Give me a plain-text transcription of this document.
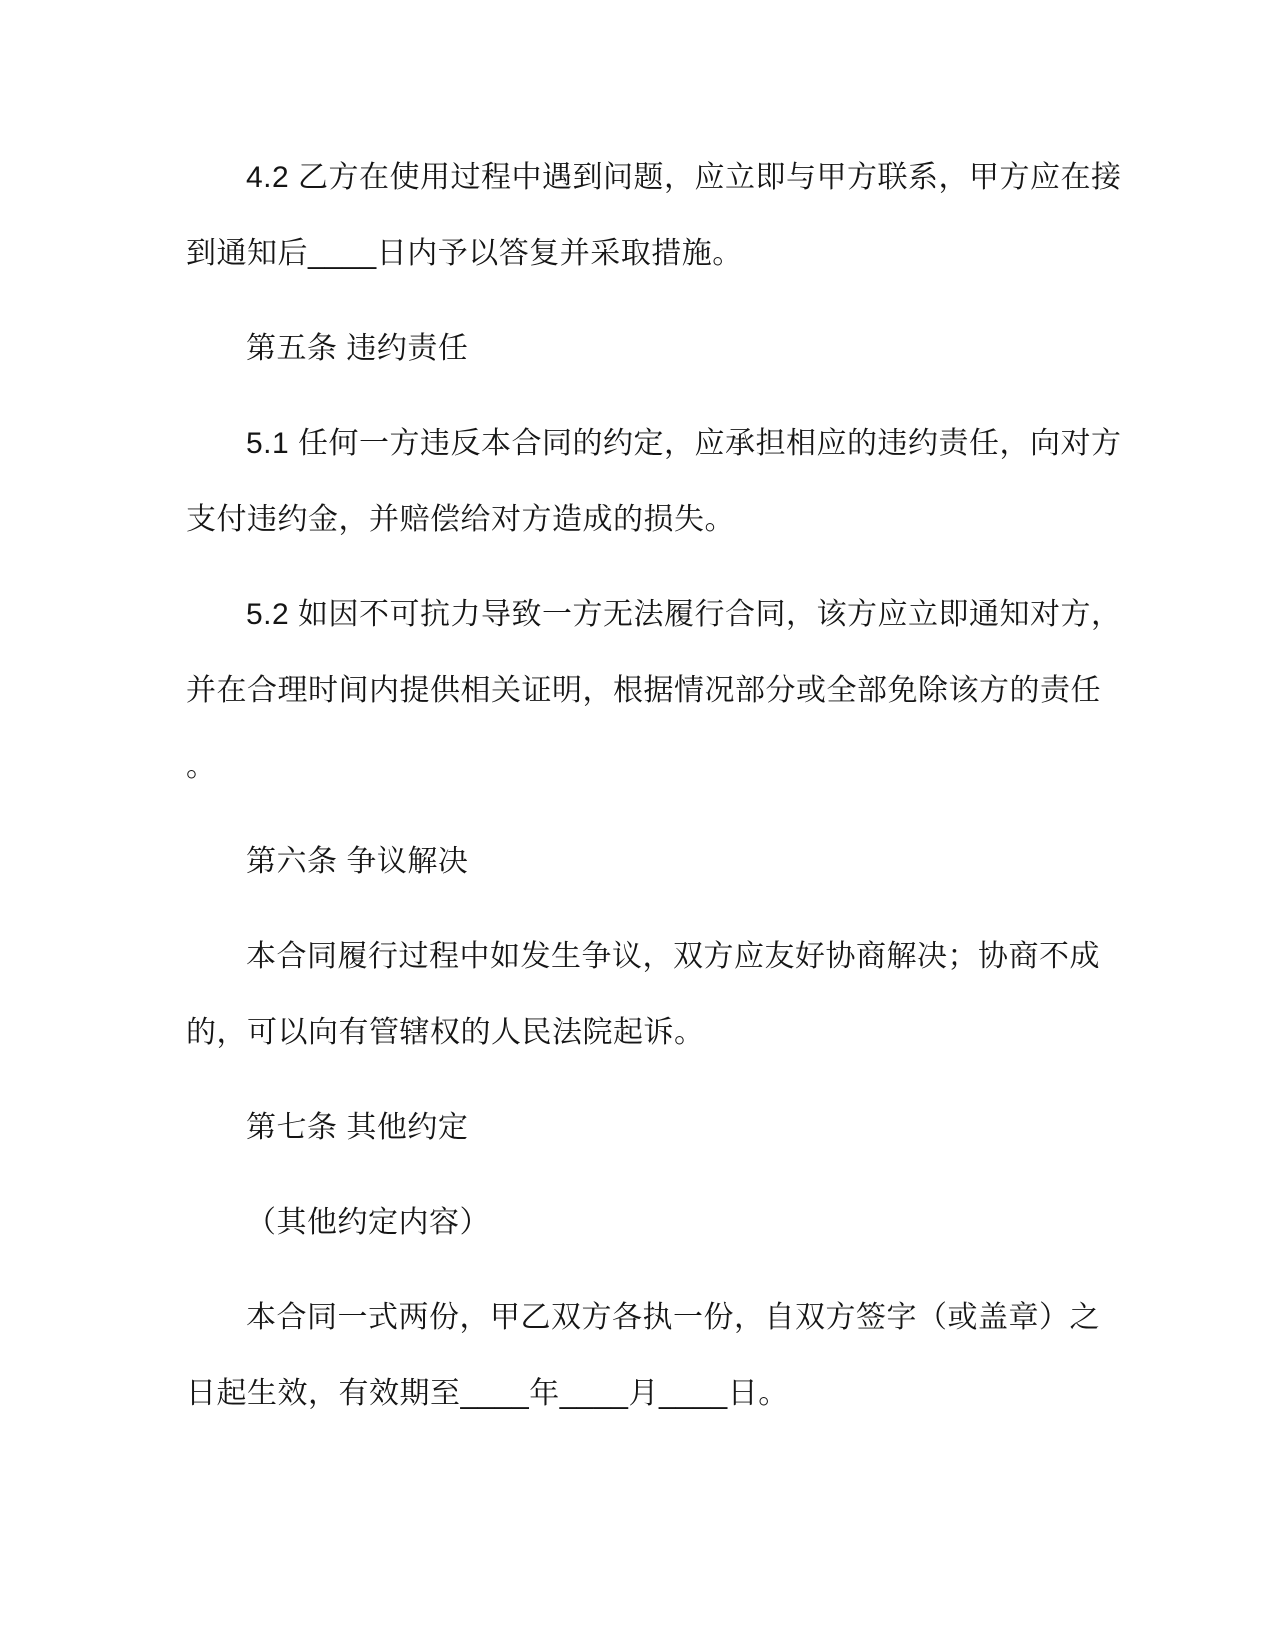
4.2 乙方在使用过程中遇到问题，应立即与甲方联系，甲方应在接
到通知后____日内予以答复并采取措施。
第五条 违约责任
5.1 任何一方违反本合同的约定，应承担相应的违约责任，向对方
支付违约金，并赔偿给对方造成的损失。
5.2 如因不可抗力导致一方无法履行合同，该方应立即通知对方，
并在合理时间内提供相关证明，根据情况部分或全部免除该方的责任
。
第六条 争议解决
本合同履行过程中如发生争议，双方应友好协商解决；协商不成
的，可以向有管辖权的人民法院起诉。
第七条 其他约定
（其他约定内容）
本合同一式两份，甲乙双方各执一份，自双方签字（或盖章）之
日起生效，有效期至____年____月____日。
